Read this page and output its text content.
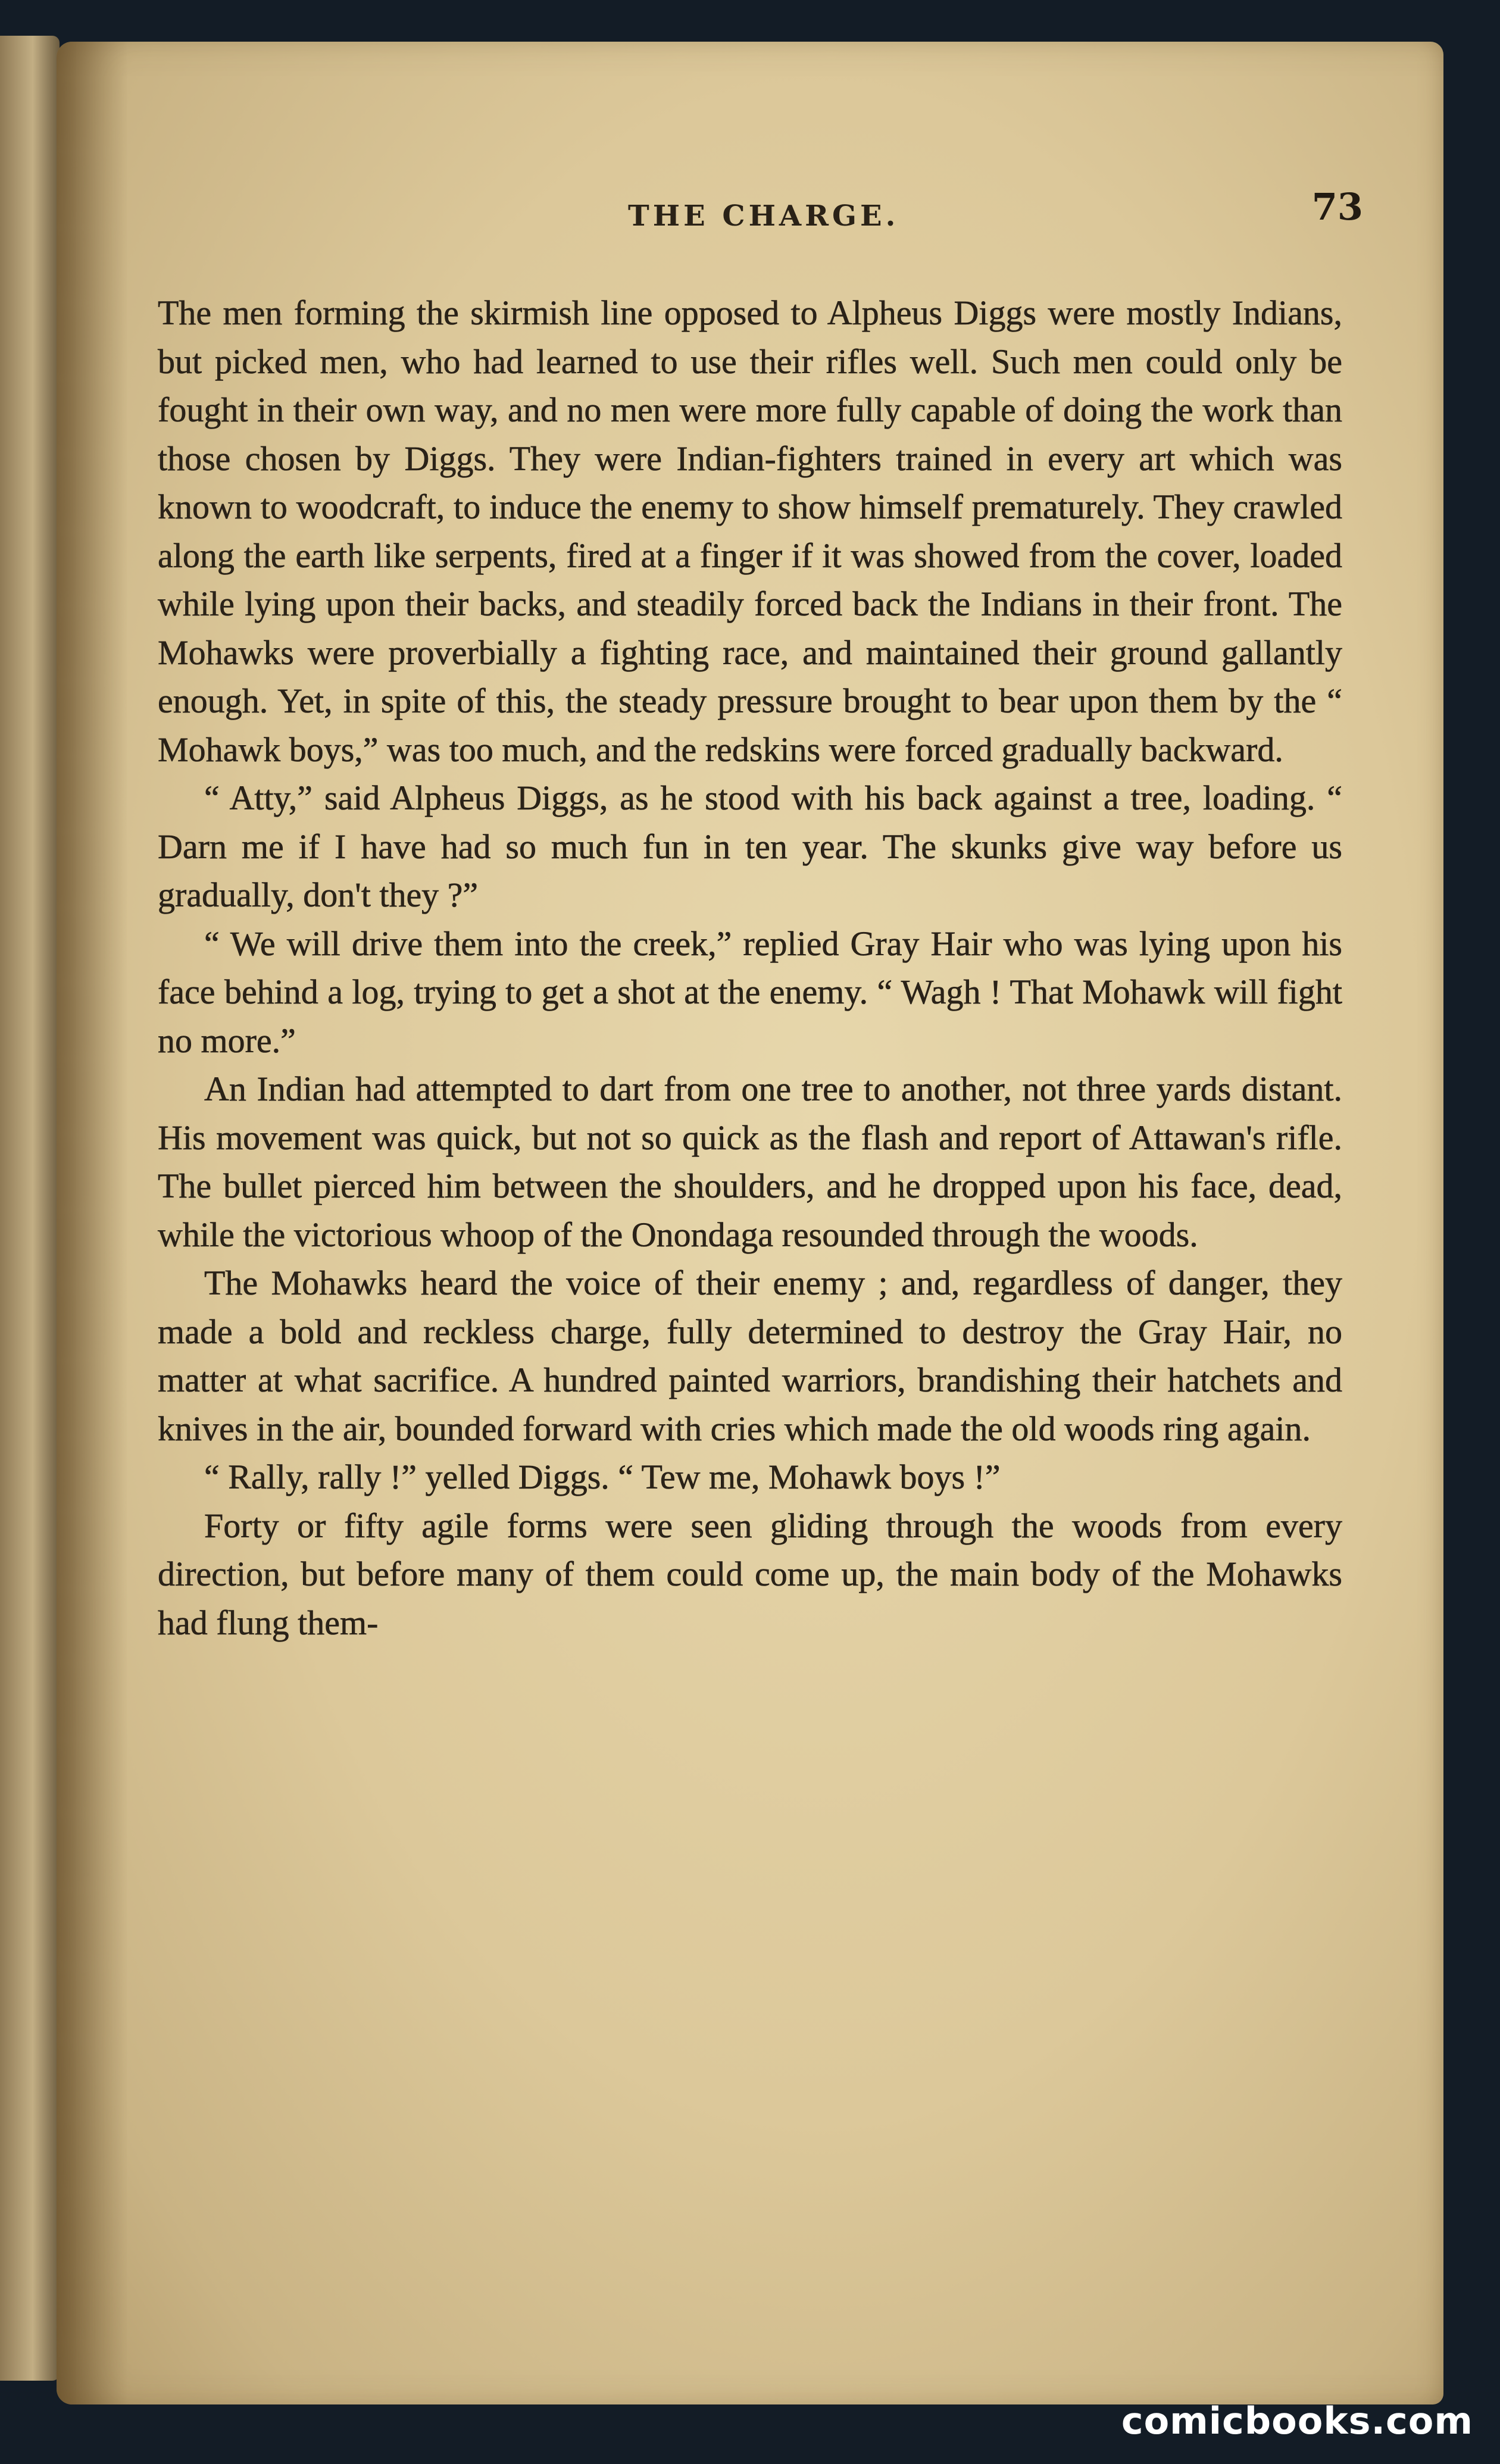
THE CHARGE.	73

The men forming the skirmish line opposed to Alpheus Diggs were mostly Indians, but picked men, who had learned to use their rifles well. Such men could only be fought in their own way, and no men were more fully capable of doing the work than those chosen by Diggs. They were Indian-fighters trained in every art which was known to woodcraft, to induce the enemy to show himself prematurely. They crawled along the earth like serpents, fired at a finger if it was showed from the cover, loaded while lying upon their backs, and steadily forced back the Indians in their front. The Mohawks were proverbially a fighting race, and maintained their ground gallantly enough. Yet, in spite of this, the steady pressure brought to bear upon them by the “ Mohawk boys,” was too much, and the redskins were forced gradually backward.

“ Atty,” said Alpheus Diggs, as he stood with his back against a tree, loading. “ Darn me if I have had so much fun in ten year. The skunks give way before us gradually, don't they ?”

“ We will drive them into the creek,” replied Gray Hair who was lying upon his face behind a log, trying to get a shot at the enemy. “ Wagh ! That Mohawk will fight no more.”

An Indian had attempted to dart from one tree to another, not three yards distant. His movement was quick, but not so quick as the flash and report of Attawan's rifle. The bullet pierced him between the shoulders, and he dropped upon his face, dead, while the victorious whoop of the Onondaga resounded through the woods.

The Mohawks heard the voice of their enemy ; and, regardless of danger, they made a bold and reckless charge, fully determined to destroy the Gray Hair, no matter at what sacrifice. A hundred painted warriors, brandishing their hatchets and knives in the air, bounded forward with cries which made the old woods ring again.

“ Rally, rally !” yelled Diggs. “ Tew me, Mohawk boys !”

Forty or fifty agile forms were seen gliding through the woods from every direction, but before many of them could come up, the main body of the Mohawks had flung them-

comicbooks.com
